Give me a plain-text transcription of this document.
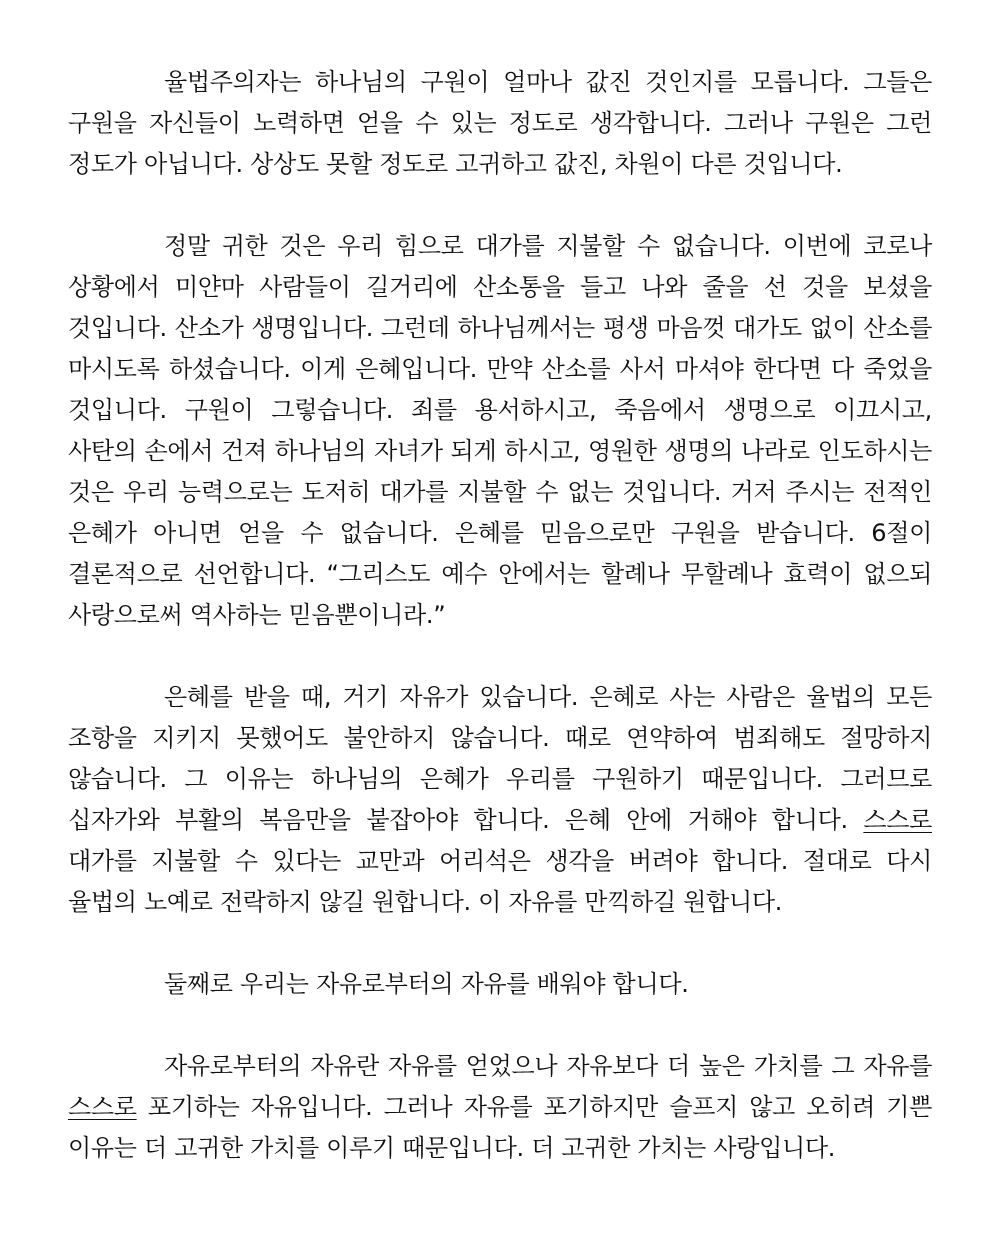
율법주의자는 하나님의 구원이 얼마나 값진 것인지를 모릅니다. 그들은 구원을 자신들이 노력하면 얻을 수 있는 정도로 생각합니다. 그러나 구원은 그런 정도가 아닙니다. 상상도 못할 정도로 고귀하고 값진, 차원이 다른 것입니다.

정말 귀한 것은 우리 힘으로 대가를 지불할 수 없습니다. 이번에 코로나 상황에서 미얀마 사람들이 길거리에 산소통을 들고 나와 줄을 선 것을 보셨을 것입니다. 산소가 생명입니다. 그런데 하나님께서는 평생 마음껏 대가도 없이 산소를 마시도록 하셨습니다. 이게 은혜입니다. 만약 산소를 사서 마셔야 한다면 다 죽었을 것입니다. 구원이 그렇습니다. 죄를 용서하시고, 죽음에서 생명으로 이끄시고, 사탄의 손에서 건져 하나님의 자녀가 되게 하시고, 영원한 생명의 나라로 인도하시는 것은 우리 능력으로는 도저히 대가를 지불할 수 없는 것입니다. 거저 주시는 전적인 은혜가 아니면 얻을 수 없습니다. 은혜를 믿음으로만 구원을 받습니다. 6절이 결론적으로 선언합니다. “그리스도 예수 안에서는 할례나 무할례나 효력이 없으되 사랑으로써 역사하는 믿음뿐이니라.”

은혜를 받을 때, 거기 자유가 있습니다. 은혜로 사는 사람은 율법의 모든 조항을 지키지 못했어도 불안하지 않습니다. 때로 연약하여 범죄해도 절망하지 않습니다. 그 이유는 하나님의 은혜가 우리를 구원하기 때문입니다. 그러므로 십자가와 부활의 복음만을 붙잡아야 합니다. 은혜 안에 거해야 합니다. 스스로 대가를 지불할 수 있다는 교만과 어리석은 생각을 버려야 합니다. 절대로 다시 율법의 노예로 전락하지 않길 원합니다. 이 자유를 만끽하길 원합니다.

둘째로 우리는 자유로부터의 자유를 배워야 합니다.

자유로부터의 자유란 자유를 얻었으나 자유보다 더 높은 가치를 그 자유를 스스로 포기하는 자유입니다. 그러나 자유를 포기하지만 슬프지 않고 오히려 기쁜 이유는 더 고귀한 가치를 이루기 때문입니다. 더 고귀한 가치는 사랑입니다.
